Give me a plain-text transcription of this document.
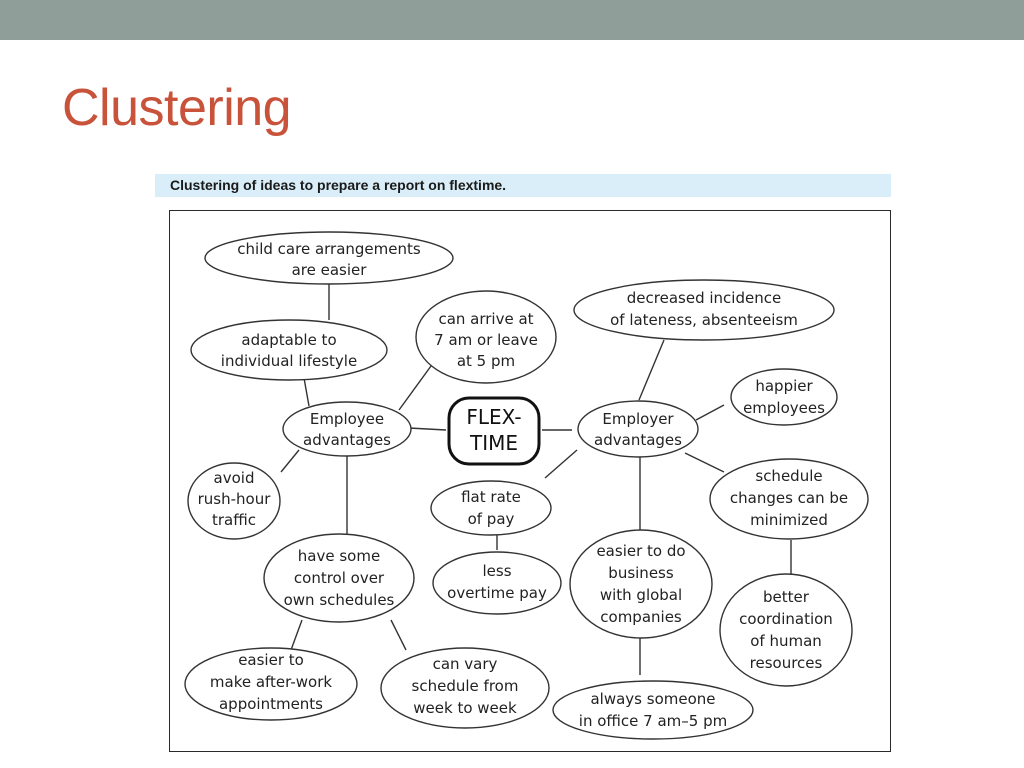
Clustering
Clustering of ideas to prepare a report on flextime.
FLEX-
TIME
child care arrangements
are easier
adaptable to
individual lifestyle
can arrive at
7 am or leave
at 5 pm
Employee
advantages
avoid
rush-hour
traffic
have some
control over
own schedules
easier to
make after-work
appointments
can vary
schedule from
week to week
flat rate
of pay
less
overtime pay
Employer
advantages
decreased incidence
of lateness, absenteeism
happier
employees
schedule
changes can be
minimized
easier to do
business
with global
companies
better
coordination
of human
resources
always someone
in office 7 am–5 pm
